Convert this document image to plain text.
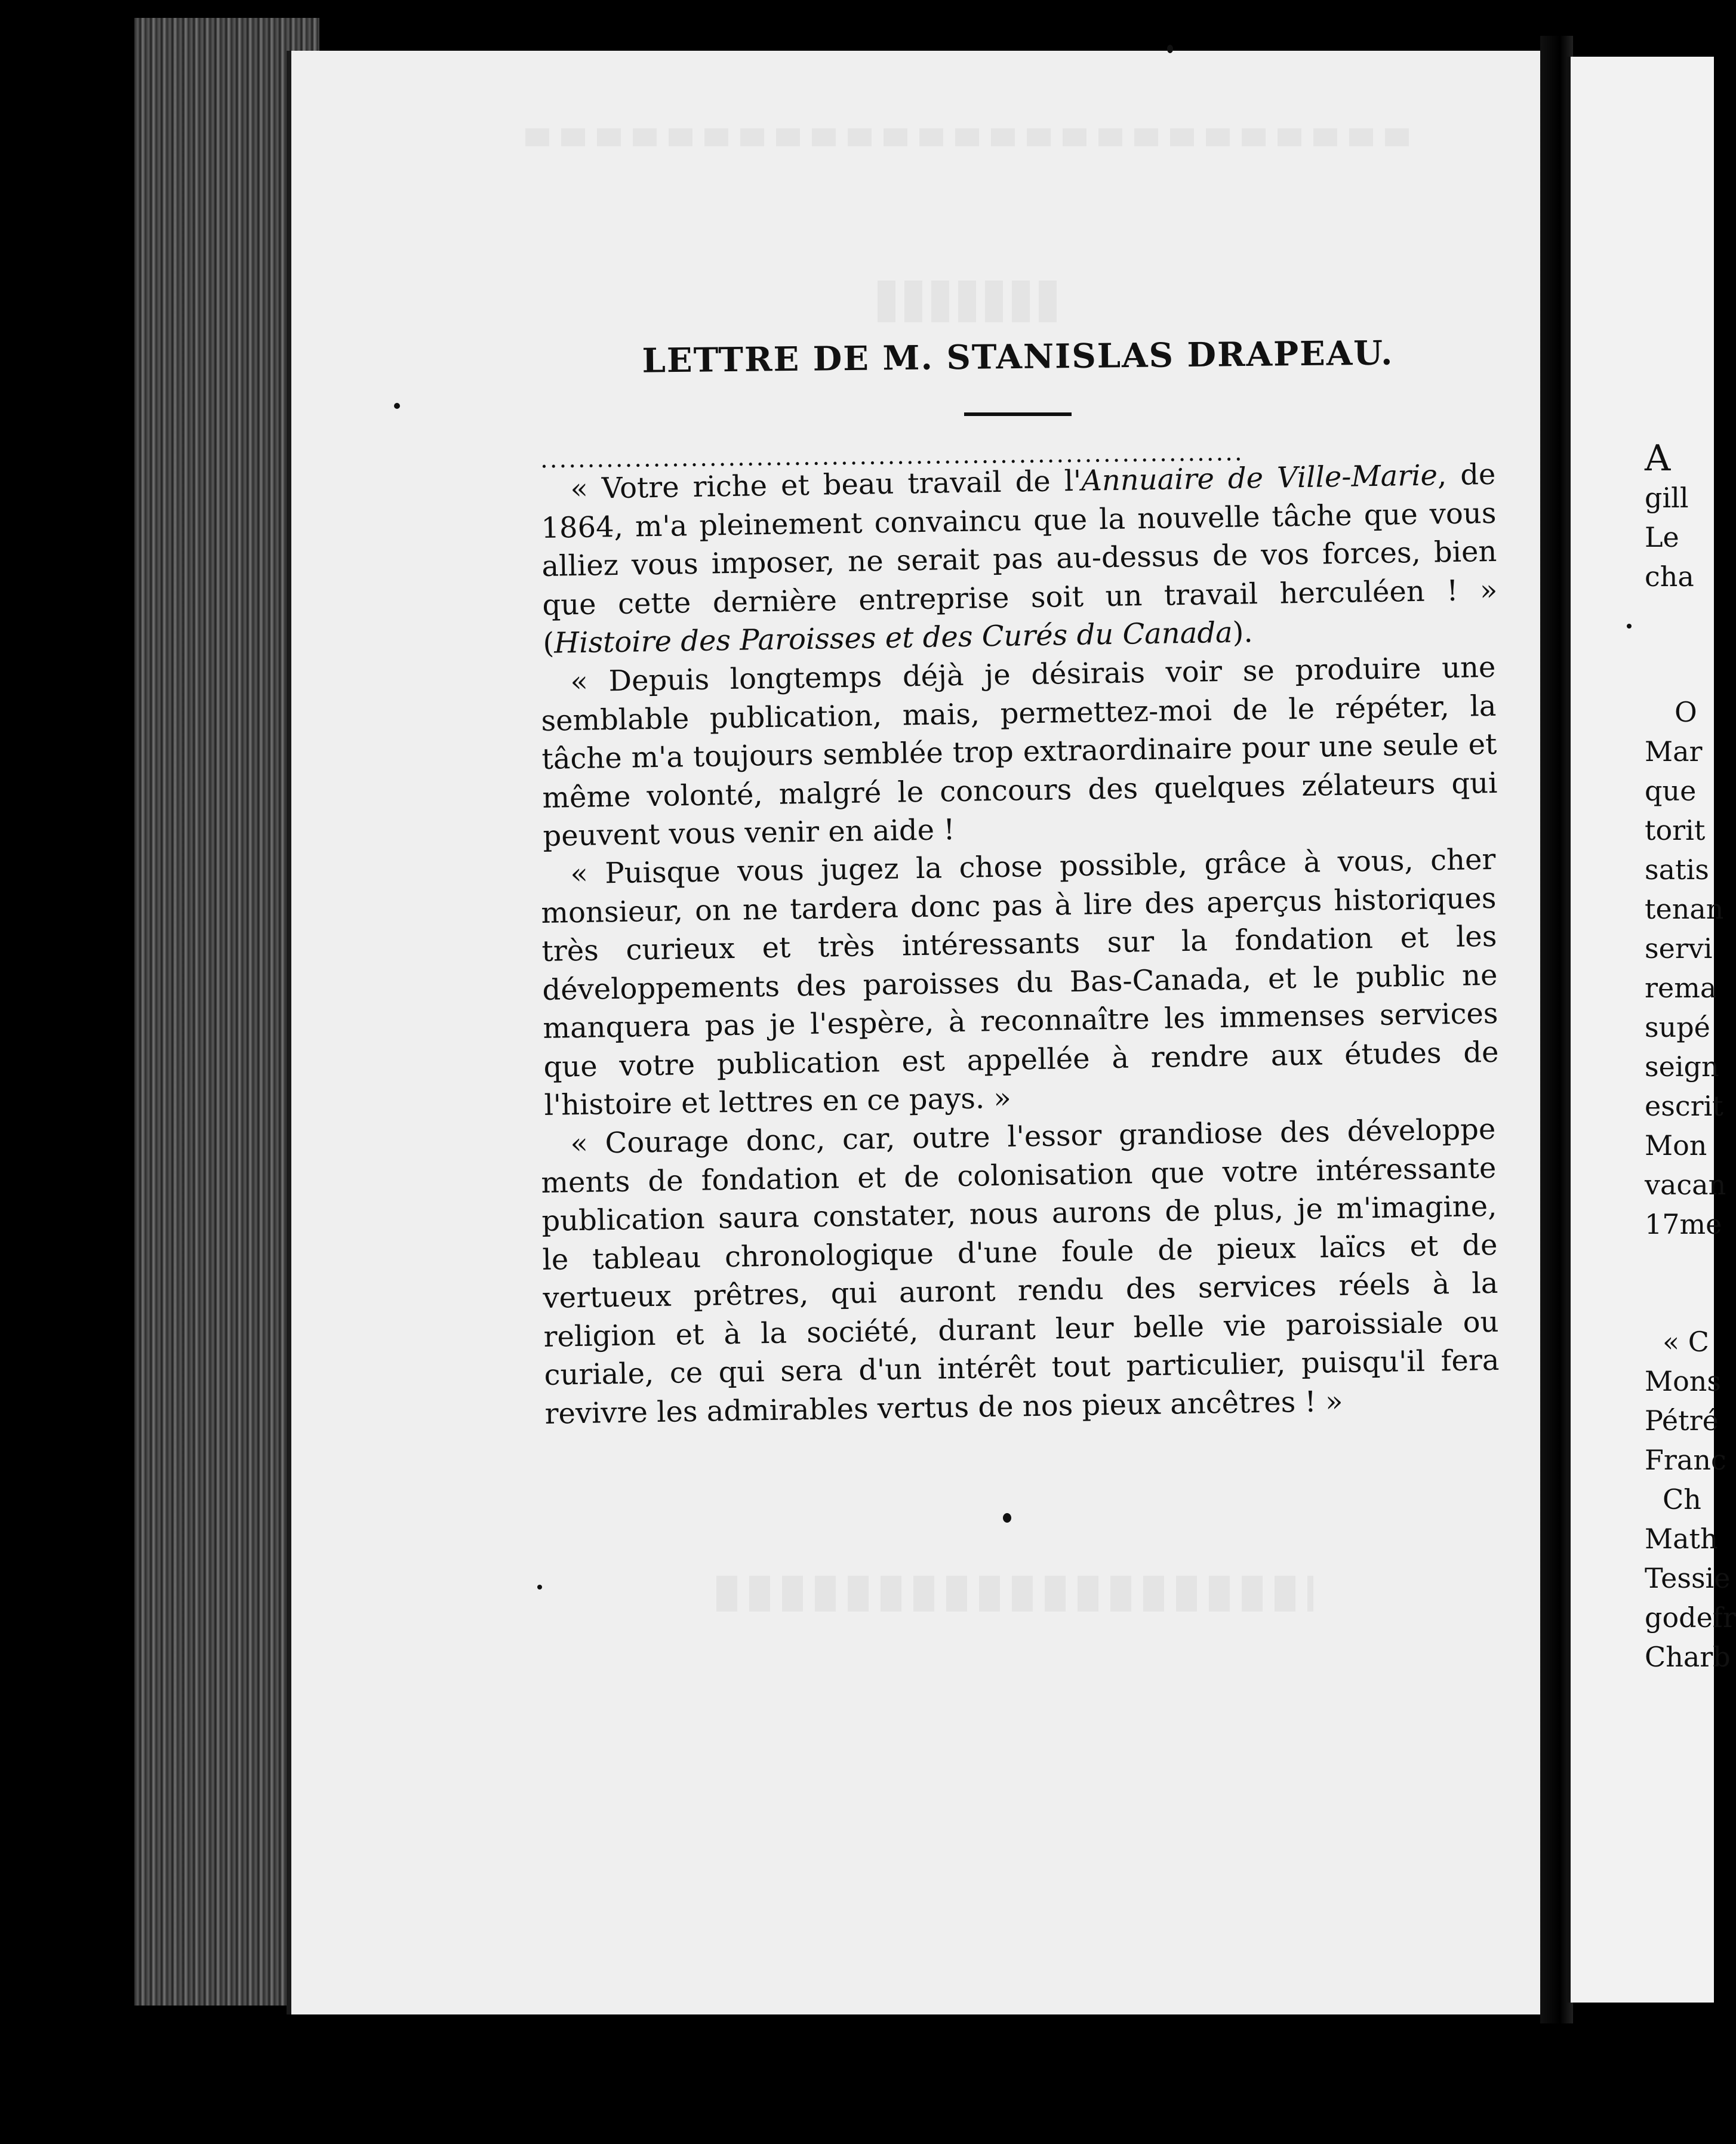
LETTRE DE M. STANISLAS DRAPEAU.
...........................................................................

« Votre riche et beau travail de l'Annuaire de Ville-Marie, de 1864, m'a pleinement convaincu que la nouvelle tâche que vous alliez vous imposer, ne serait pas au-dessus de vos forces, bien que cette dernière entreprise soit un travail herculéen ! » (Histoire des Paroisses et des Curés du Canada).

« Depuis longtemps déjà je désirais voir se produire une semblable publication, mais, permettez-moi de le répéter, la tâche m'a toujours semblée trop extraordinaire pour une seule et même volonté, malgré le concours des quelques zélateurs qui peuvent vous venir en aide !

« Puisque vous jugez la chose possible, grâce à vous, cher monsieur, on ne tardera donc pas à lire des aperçus historiques très curieux et très intéressants sur la fondation et les développements des paroisses du Bas-Canada, et le public ne manquera pas je l'espère, à reconnaître les immenses services que votre publication est appellée à rendre aux études de l'histoire et lettres en ce pays. »

« Courage donc, car, outre l'essor grandiose des développe ments de fondation et de colonisation que votre intéressante publication saura constater, nous aurons de plus, je m'imagine, le tableau chronologique d'une foule de pieux laïcs et de vertueux prêtres, qui auront rendu des services réels à la religion et à la société, durant leur belle vie paroissiale ou curiale, ce qui sera d'un intérêt tout particulier, puisqu'il fera revivre les admirables vertus de nos pieux ancêtres ! »

A
gill
Le
cha
O
Mar
que
torit
satis
tenan
servi
rema
supé
seign
escrit
Mon
vacan
17me
« C
Mons
Pétré
Franc
Ch
Math
Tessie
godefr
Charb
